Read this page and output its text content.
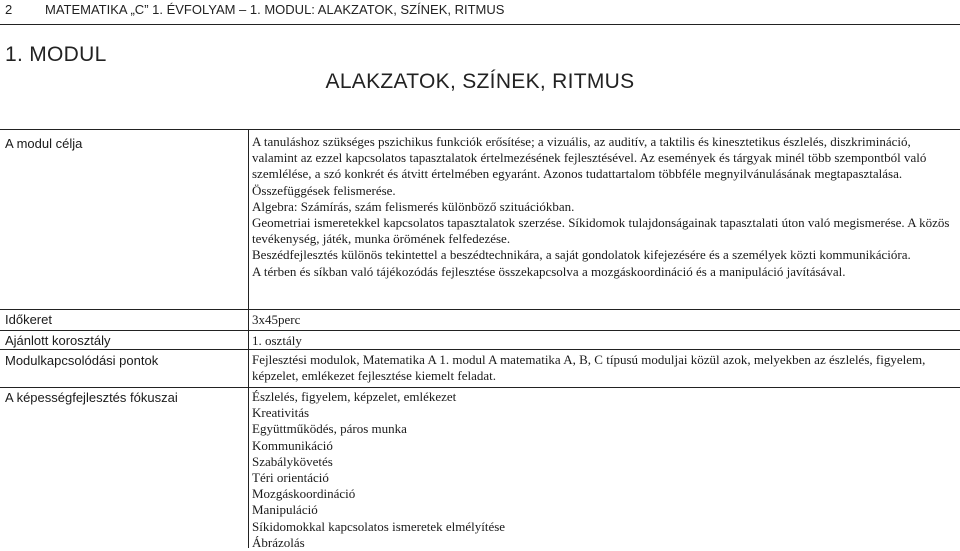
2	MATEMATIKA „C” 1. ÉVFOLYAM – 1. MODUL: ALAKZATOK, SZÍNEK, RITMUS
1. MODUL
ALAKZATOK, SZÍNEK, RITMUS
A modul célja	A tanuláshoz szükséges pszichikus funkciók erősítése; a vizuális, az auditív, a taktilis és kinesztetikus észlelés, diszkrimináció, valamint az ezzel kapcsolatos tapasztalatok értelmezésének fejlesztésével. Az események és tárgyak minél több szempontból való szemlélése, a szó konkrét és átvitt értelmében egyaránt. Azonos tudattartalom többféle megnyilvánulásának megtapasztalása. Összefüggések felismerése.

Algebra: Számírás, szám felismerés különböző szituációkban.

Geometriai ismeretekkel kapcsolatos tapasztalatok szerzése. Síkidomok tulajdonságainak tapasztalati úton való megismerése. A közös tevékenység, játék, munka örömének felfedezése.

Beszédfejlesztés különös tekintettel a beszédtechnikára, a saját gondolatok kifejezésére és a személyek közti kommunikációra.

A térben és síkban való tájékozódás fejlesztése összekapcsolva a mozgáskoordináció és a manipuláció javításával.

Időkeret	3x45perc
Ajánlott korosztály	1. osztály
Modulkapcsolódási pontok	Fejlesztési modulok, Matematika A 1. modul A matematika A, B, C típusú moduljai közül azok, melyekben az észlelés, figyelem, képzelet, emlékezet fejlesztése kiemelt feladat.
A képességfejlesztés fókuszai	Észlelés, figyelem, képzelet, emlékezet
Kreativitás
Együttműködés, páros munka
Kommunikáció
Szabálykövetés
Téri orientáció
Mozgáskoordináció
Manipuláció
Síkidomokkal kapcsolatos ismeretek elmélyítése
Ábrázolás
